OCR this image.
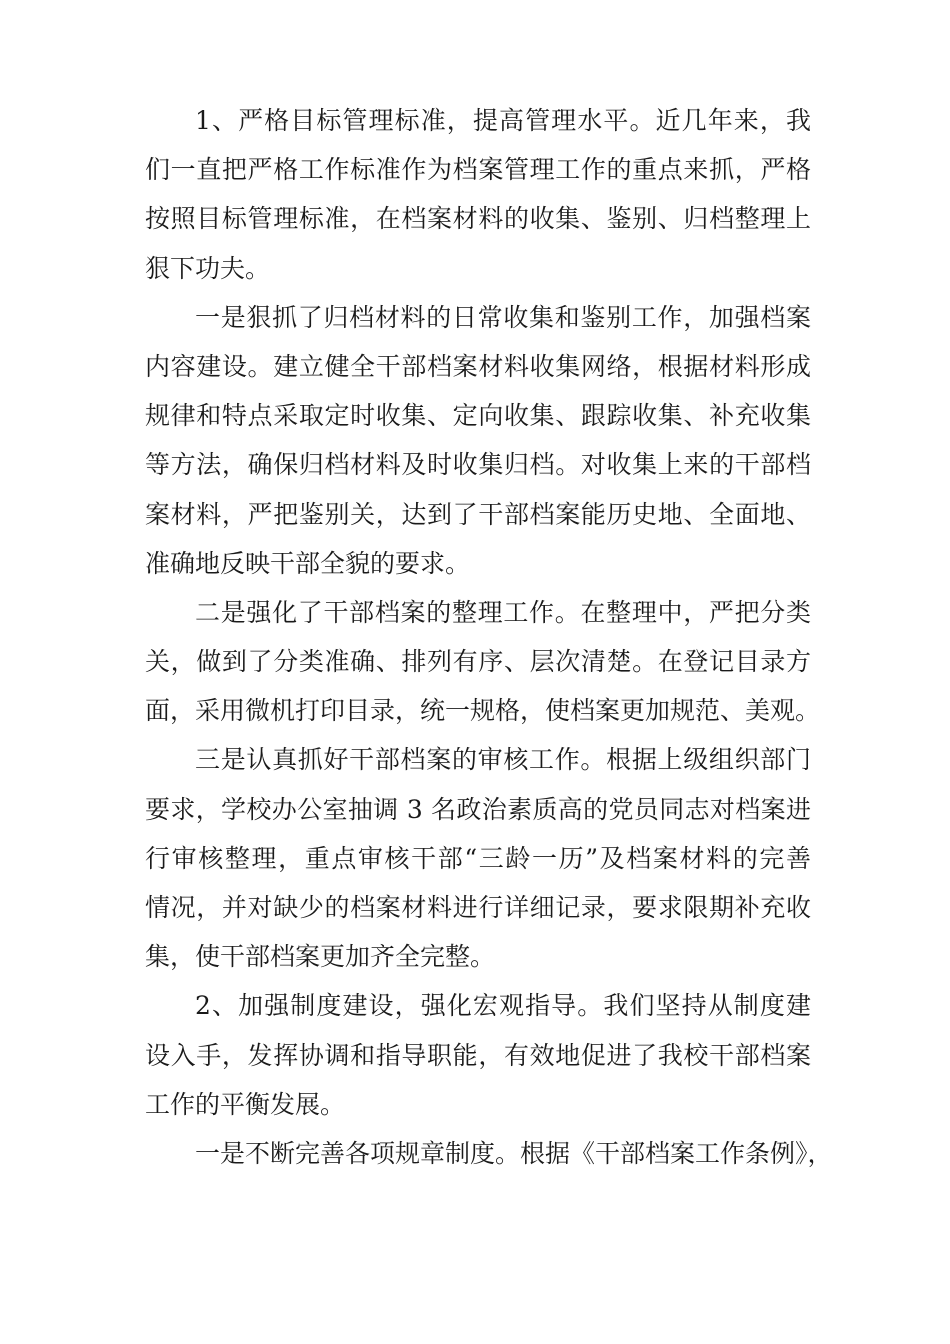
1、严格目标管理标准，提高管理水平。近几年来，我
们一直把严格工作标准作为档案管理工作的重点来抓，严格
按照目标管理标准，在档案材料的收集、鉴别、归档整理上
狠下功夫。
一是狠抓了归档材料的日常收集和鉴别工作，加强档案
内容建设。建立健全干部档案材料收集网络，根据材料形成
规律和特点采取定时收集、定向收集、跟踪收集、补充收集
等方法，确保归档材料及时收集归档。对收集上来的干部档
案材料，严把鉴别关，达到了干部档案能历史地、全面地、
准确地反映干部全貌的要求。
二是强化了干部档案的整理工作。在整理中，严把分类
关，做到了分类准确、排列有序、层次清楚。在登记目录方
面，采用微机打印目录，统一规格，使档案更加规范、美观。
三是认真抓好干部档案的审核工作。根据上级组织部门
要求，学校办公室抽调 3 名政治素质高的党员同志对档案进
行审核整理，重点审核干部“三龄一历”及档案材料的完善
情况，并对缺少的档案材料进行详细记录，要求限期补充收
集，使干部档案更加齐全完整。
2、加强制度建设，强化宏观指导。我们坚持从制度建
设入手，发挥协调和指导职能，有效地促进了我校干部档案
工作的平衡发展。
一是不断完善各项规章制度。根据《干部档案工作条例》，
